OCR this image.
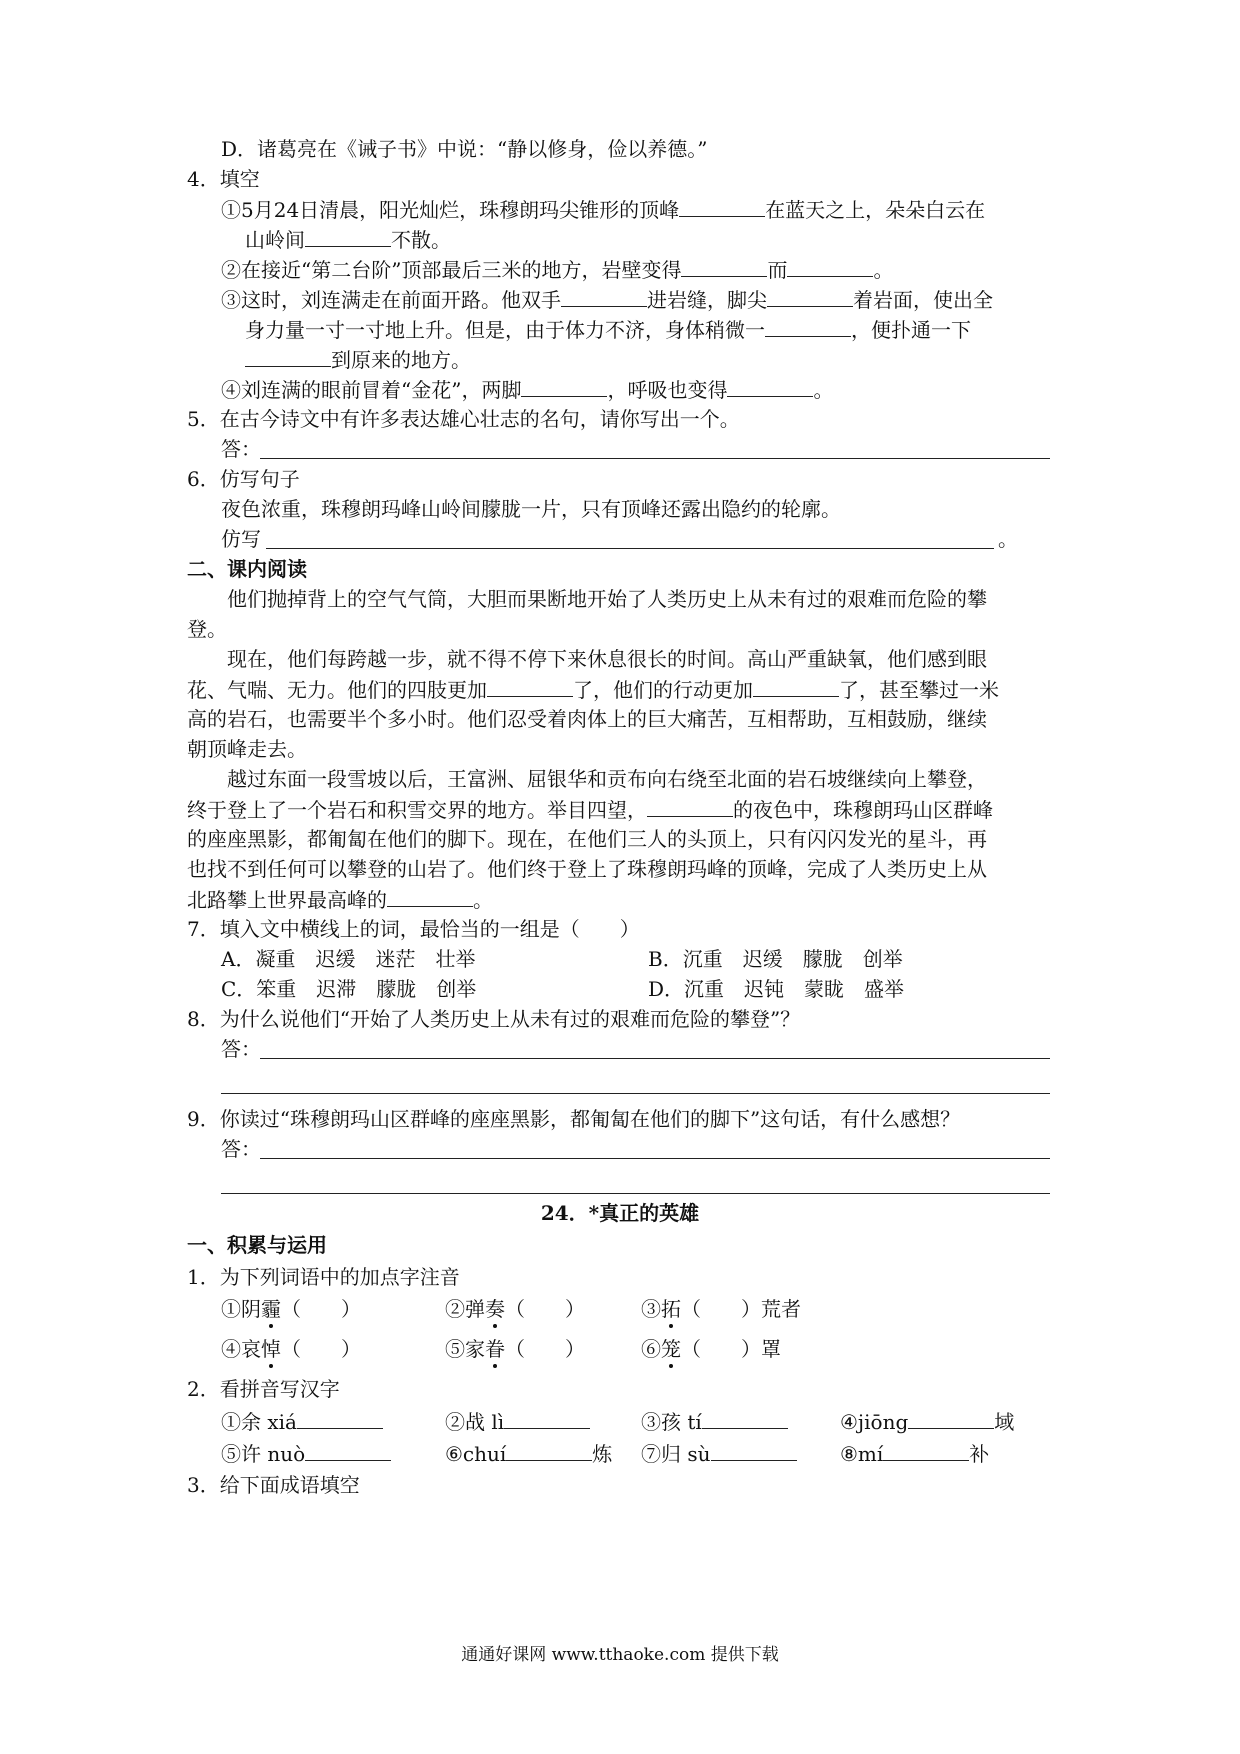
D．诸葛亮在《诫子书》中说：“静以修身，俭以养德。”
4．填空
①5月24日清晨，阳光灿烂，珠穆朗玛尖锥形的顶峰	在蓝天之上，朵朵白云在
山岭间	不散。
②在接近“第二台阶”顶部最后三米的地方，岩壁变得	而	。
③这时，刘连满走在前面开路。他双手	进岩缝，脚尖	着岩面，使出全
身力量一寸一寸地上升。但是，由于体力不济，身体稍微一	，便扑通一下
到原来的地方。
④刘连满的眼前冒着“金花”，两脚	，呼吸也变得	。
5．在古今诗文中有许多表达雄心壮志的名句，请你写出一个。
答：
6．仿写句子
夜色浓重，珠穆朗玛峰山岭间朦胧一片，只有顶峰还露出隐约的轮廓。
仿写	。
二、课内阅读
他们抛掉背上的空气气筒，大胆而果断地开始了人类历史上从未有过的艰难而危险的攀
登。
现在，他们每跨越一步，就不得不停下来休息很长的时间。高山严重缺氧，他们感到眼
花、气喘、无力。他们的四肢更加	了，他们的行动更加	了，甚至攀过一米
高的岩石，也需要半个多小时。他们忍受着肉体上的巨大痛苦，互相帮助，互相鼓励，继续
朝顶峰走去。
越过东面一段雪坡以后，王富洲、屈银华和贡布向右绕至北面的岩石坡继续向上攀登，
终于登上了一个岩石和积雪交界的地方。举目四望，	的夜色中，珠穆朗玛山区群峰
的座座黑影，都匍匐在他们的脚下。现在，在他们三人的头顶上，只有闪闪发光的星斗，再
也找不到任何可以攀登的山岩了。他们终于登上了珠穆朗玛峰的顶峰，完成了人类历史上从
北路攀上世界最高峰的	。
7．填入文中横线上的词，最恰当的一组是（　　）
A．凝重　迟缓　迷茫　壮举	B．沉重　迟缓　朦胧　创举
C．笨重　迟滞　朦胧　创举	D．沉重　迟钝　蒙眬　盛举
8．为什么说他们“开始了人类历史上从未有过的艰难而危险的攀登”？
答：
9．你读过“珠穆朗玛山区群峰的座座黑影，都匍匐在他们的脚下”这句话，有什么感想？
答：
24．*真正的英雄
一、积累与运用
1．为下列词语中的加点字注音
①阴霾（　　）	②弹奏（　　）	③拓（　　）荒者
④哀悼（　　）	⑤家眷（　　）	⑥笼（　　）罩
2．看拼音写汉字
①余 xiá	②战 lì	③孩 tí	④jiōng	域
⑤许 nuò	⑥chuí	炼	⑦归 sù	⑧mí	补
3．给下面成语填空
通通好课网 www.tthaoke.com 提供下载
